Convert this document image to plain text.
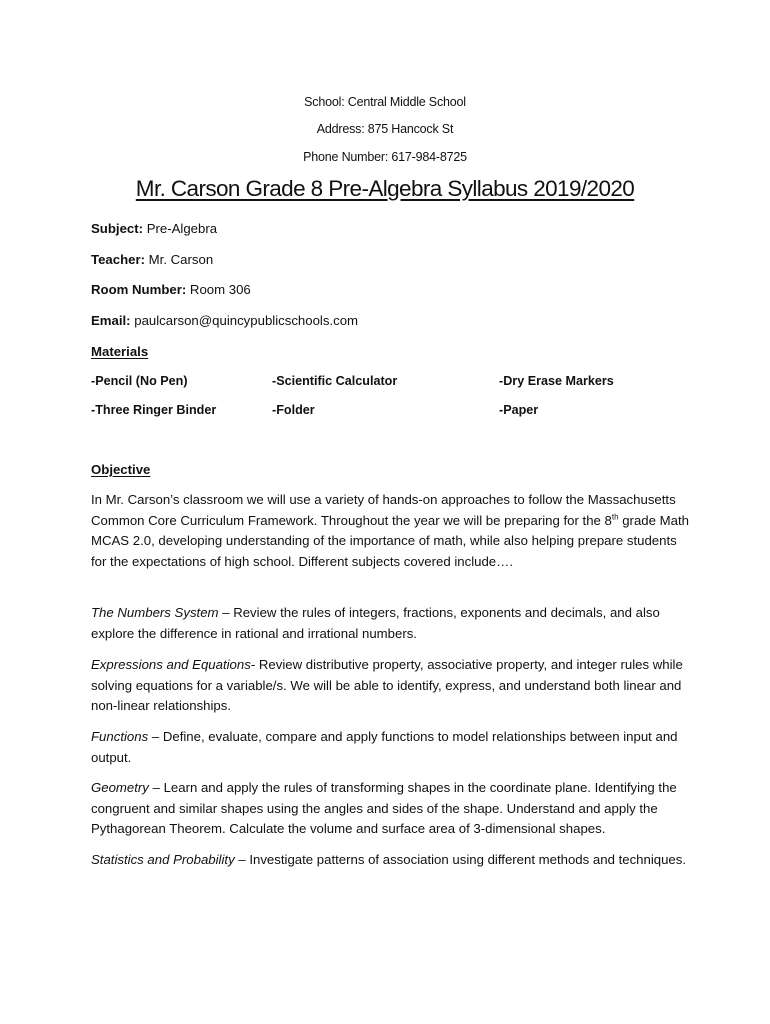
School: Central Middle School
Address: 875 Hancock St
Phone Number: 617-984-8725
Mr. Carson Grade 8 Pre-Algebra Syllabus 2019/2020
Subject: Pre-Algebra
Teacher: Mr. Carson
Room Number: Room 306
Email: paulcarson@quincypublicschools.com
Materials
-Pencil (No Pen)	-Scientific Calculator	-Dry Erase Markers
-Three Ringer Binder	-Folder	-Paper
Objective
In Mr. Carson’s classroom we will use a variety of hands-on approaches to follow the Massachusetts Common Core Curriculum Framework. Throughout the year we will be preparing for the 8th grade Math MCAS 2.0, developing understanding of the importance of math, while also helping prepare students for the expectations of high school. Different subjects covered include….
The Numbers System – Review the rules of integers, fractions, exponents and decimals, and also explore the difference in rational and irrational numbers.
Expressions and Equations- Review distributive property, associative property, and integer rules while solving equations for a variable/s. We will be able to identify, express, and understand both linear and non-linear relationships.
Functions – Define, evaluate, compare and apply functions to model relationships between input and output.
Geometry – Learn and apply the rules of transforming shapes in the coordinate plane. Identifying the congruent and similar shapes using the angles and sides of the shape. Understand and apply the Pythagorean Theorem. Calculate the volume and surface area of 3-dimensional shapes.
Statistics and Probability – Investigate patterns of association using different methods and techniques.
